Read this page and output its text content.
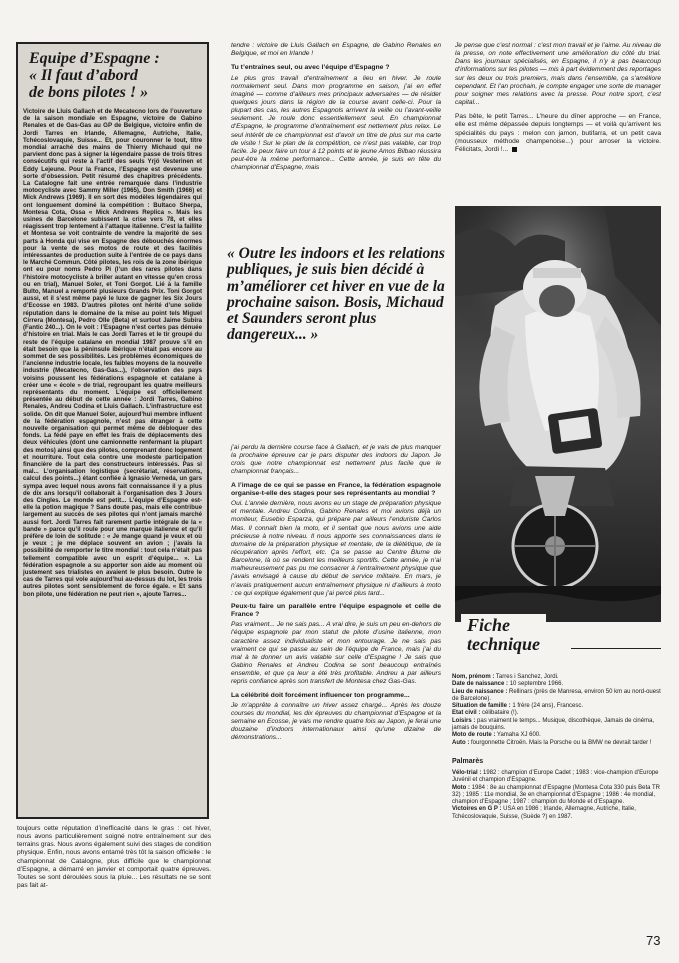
Equipe d’Espagne :
« Il faut d’abord
de bons pilotes ! »
Victoire de Lluis Gallach et de Mecatecno lors de l’ouverture de la saison mondiale en Espagne, victoire de Gabino Renales et de Gas-Gas au GP de Belgique, victoire enfin de Jordi Tarres en Irlande, Allemagne, Autriche, Italie, Tchécoslovaquie, Suisse... Et, pour couronner le tout, titre mondial arraché des mains de Thierry Michaud qui ne parvient donc pas à signer la légendaire passe de trois titres consécutifs qui reste à l’actif des seuls Yrjö Vesterinen et Eddy Lejeune. Pour la France, l’Espagne est devenue une sorte d’obsession. Petit résumé des chapitres précédents. La Catalogne fait une entrée remarquée dans l’industrie motocycliste avec Sammy Miller (1965), Don Smith (1966) et Mick Andrews (1969). Il en sort des modèles légendaires qui ont longuement dominé la compétition : Bultaco Sherpa, Montesa Cota, Ossa « Mick Andrews Replica ». Mais les usines de Barcelone subissent la crise vers 78, et elles réagissent trop lentement à l’attaque italienne. C’est la faillite et Montesa se voit contrainte de vendre la majorité de ses parts à Honda qui vise en Espagne des débouchés énormes pour la vente de ses motos de route et des facilités intéressantes de production suite à l’entrée de ce pays dans le Marché Commun. Côté pilotes, les rois de la zone ibérique ont eu pour noms Pedro Pi (l’un des rares pilotes dans l’histoire motocycliste à briller autant en vitesse qu’en cross ou en trial), Manuel Soler, et Toni Gorgot. Lié à la famille Bulto, Manuel a remporté plusieurs Grands Prix. Toni Gorgot aussi, et il s’est même payé le luxe de gagner les Six Jours d’Ecosse en 1983. D’autres pilotes ont hérité d’une solide réputation dans le domaine de la mise au point tels Miguel Cirrera (Montesa), Pedro Olle (Beta) et surtout Jaime Subira (Fantic 240...). On le voit : l’Espagne n’est certes pas dénuée d’histoire en trial. Mais le cas Jordi Tarres et le tir groupé du reste de l’équipe catalane en mondial 1987 prouve s’il en était besoin que la péninsule ibérique n’était pas encore au sommet de ses possibilités. Les problèmes économiques de l’ancienne industrie locale, les faibles moyens de la nouvelle industrie (Mecatecno, Gas-Gas...), l’observation des pays voisins poussent les fédérations espagnole et catalane à créer une « école » de trial, regroupant les quatre meilleurs représentants du moment. L’équipe est officiellement présentée au début de cette année : Jordi Tarres, Gabino Renales, Andreu Codina et Lluis Gallach. L’infrastructure est solide. On dit que Manuel Soler, aujourd’hui membre influent de la fédération espagnole, n’est pas étranger à cette nouvelle organisation qui permet même de débloquer des fonds. La fédé paye en effet les frais de déplacements des deux véhicules (dont une camionnette renfermant la plupart des motos) ainsi que des pilotes, comprenant donc logement et nourriture. Tout cela contre une modeste participation financière de la part des constructeurs intéressés. Pas si mal... L’organisation logistique (secrétariat, réservations, calcul des points...) étant confiée à Ignasio Verneda, un gars sympa avec lequel nous avons fait connaissance il y a plus de dix ans lorsqu’il collaborait à l’organisation des 3 Jours des Cingles. Le monde est petit... L’équipe d’Espagne est-elle la potion magique ? Sans doute pas, mais elle contribue largement au succès de ses pilotes qui n’ont jamais marché aussi fort. Jordi Tarres fait rarement partie intégrale de la « bande » parce qu’il roule pour une marque italienne et qu’il préfère de loin de solitude : « Je mange quand je veux et où je veux ; je me déplace souvent en avion ; j’avais la possibilité de remporter le titre mondial : tout cela n’était pas tellement compatible avec un esprit d’équipe... ». La fédération espagnole a su apporter son aide au moment où justement ses trialistes en avaient le plus besoin. Outre le cas de Tarres qui vole aujourd’hui au-dessus du lot, les trois autres pilotes sont sensiblement de force égale. « Et sans bon pilote, une fédération ne peut rien », ajoute Tarres...

toujours cette réputation d’inefficacité dans le gras : cet hiver, nous avons particulièrement soigné notre entraînement sur des terrains gras. Nous avons également suivi des stages de condition physique. Enfin, nous avons entamé très tôt la saison officielle : le championnat de Catalogne, plus difficile que le championnat d’Espagne, a démarré en janvier et comportait quatre épreuves. Toutes se sont déroulées sous la pluie... Les résultats ne se sont pas fait at-

tendre : victoire de Lluis Gallach en Espagne, de Gabino Renales en Belgique, et moi en Irlande !

Tu t’entraînes seul, ou avec l’équipe d’Espagne ?

Le plus gros travail d’entraînement a lieu en hiver. Je roule normalement seul. Dans mon programme en saison, j’ai en effet imaginé — comme d’ailleurs mes principaux adversaires — de résider quelques jours dans la région de la course avant celle-ci. Pour la plupart des cas, les autres Espagnols arrivent la veille ou l’avant-veille seulement. Je roule donc essentiellement seul. En championnat d’Espagne, le programme d’entraînement est nettement plus relax. Le seul intérêt de ce championnat est d’avoir un titre de plus sur ma carte de visite ! Sur le plan de la compétition, ce n’est pas valable, car trop facile. Je peux faire un tour à 12 points et le jeune Amos Bilbao réussira peut-être la même performance... Cette année, je suis en tête du championnat d’Espagne, mais

« Outre les indoors et les relations publiques, je suis bien décidé à m’améliorer cet hiver en vue de la prochaine saison. Bosis, Michaud et Saunders seront plus dangereux... »

j’ai perdu la dernière course face à Gallach, et je vais de plus manquer la prochaine épreuve car je pars disputer des indoors du Japon. Je crois que notre championnat est nettement plus facile que le championnat français...

A l’image de ce qui se passe en France, la fédération espagnole organise-t-elle des stages pour ses représentants au mondial ?

Oui. L’année dernière, nous avons eu un stage de préparation physique et mentale. Andreu Codina, Gabino Renales et moi avions déjà un moniteur, Eusebio Esparza, qui prépare par ailleurs l’enduriste Carlos Mas. Il connaît bien la moto, et il sentait que nous avions une aide précieuse à notre niveau. Il nous apporte ses connaissances dans le domaine de la préparation physique et mentale, de la diététique, de la récupération après l’effort, etc. Ça se passe au Centre Blume de Barcelone, là où se rendent les meilleurs sportifs. Cette année, je n’ai malheureusement pas pu me consacrer à l’entraînement physique que j’avais envisagé à cause du début de service militaire. En mars, je n’avais pratiquement aucun entraînement physique ni d’ailleurs à moto : ce qui explique également que j’ai percé plus tard...

Peux-tu faire un parallèle entre l’équipe espagnole et celle de France ?

Pas vraiment... Je ne sais pas... A vrai dire, je suis un peu en-dehors de l’équipe espagnole par mon statut de pilote d’usine italienne, mon caractère assez individualiste et mon entourage. Je ne sais pas vraiment ce qui se passe au sein de l’équipe de France, mais j’ai du mal à te donner un avis valable sur celle d’Espagne ! Je sais que Gabino Renales et Andreu Codina se sont beaucoup entraînés ensemble, et que ça leur a été très profitable. Andreu a par ailleurs repris confiance après son transfert de Montesa chez Gas-Gas.

La célébrité doit forcément influencer ton programme...

Je m’apprête à connaître un hiver assez chargé... Après les douze courses du mondial, les dix épreuves du championnat d’Espagne et la semaine en Ecosse, je vais me rendre quatre fois au Japon, je ferai une douzaine d’indoors internationaux ainsi qu’une dizaine de démonstrations...

Je pense que c’est normal : c’est mon travail et je l’aime. Au niveau de la presse, on note effectivement une amélioration du côté du trial. Dans les journaux spécialisés, en Espagne, il n’y a pas beaucoup d’informations sur les pilotes — mis à part évidemment des reportages sur les deux ou trois premiers, mais dans l’ensemble, ça s’améliore cependant. Et l’an prochain, je compte engager une sorte de manager pour soigner mes relations avec la presse. Pour notre sport, c’est capital...

Pas bête, le petit Tarres... L’heure du dîner approche — en France, elle est même dépassée depuis longtemps — et voilà qu’arrivent les spécialités du pays : melon con jamon, butifarra, et un petit cava (mousseux méthode champenoise...) pour arroser la victoire. Félicitats, Jordi !...

Fiche
technique

Nom, prénom : Tarres i Sanchez, Jordi.

Date de naissance : 10 septembre 1966.

Lieu de naissance : Rellinars (près de Manresa, environ 50 km au nord-ouest de Barcelone).

Situation de famille : 1 frère (24 ans), Francesc.

Etat civil : célibataire (!).

Loisirs : pas vraiment le temps... Musique, discothèque, Jamais de cinéma, jamais de bouquins.

Moto de route : Yamaha XJ 600.

Auto : fourgonnette Citroën. Mais la Porsche ou la BMW ne devrait tarder !

Palmarès

Vélo-trial : 1982 : champion d’Europe Cadet ; 1983 : vice-champion d’Europe Juvénil et champion d’Espagne.

Moto : 1984 : 8e au championnat d’Espagne (Montesa Cota 330 puis Beta TR 32) ; 1985 : 11e mondial, 3e en championnat d’Espagne ; 1986 : 4e mondial, champion d’Espagne ; 1987 : champion du Monde et d’Espagne.

Victoires en G P : USA en 1986 ; Irlande, Allemagne, Autriche, Italie, Tchécoslovaquie, Suisse, (Suède ?) en 1987.

73
